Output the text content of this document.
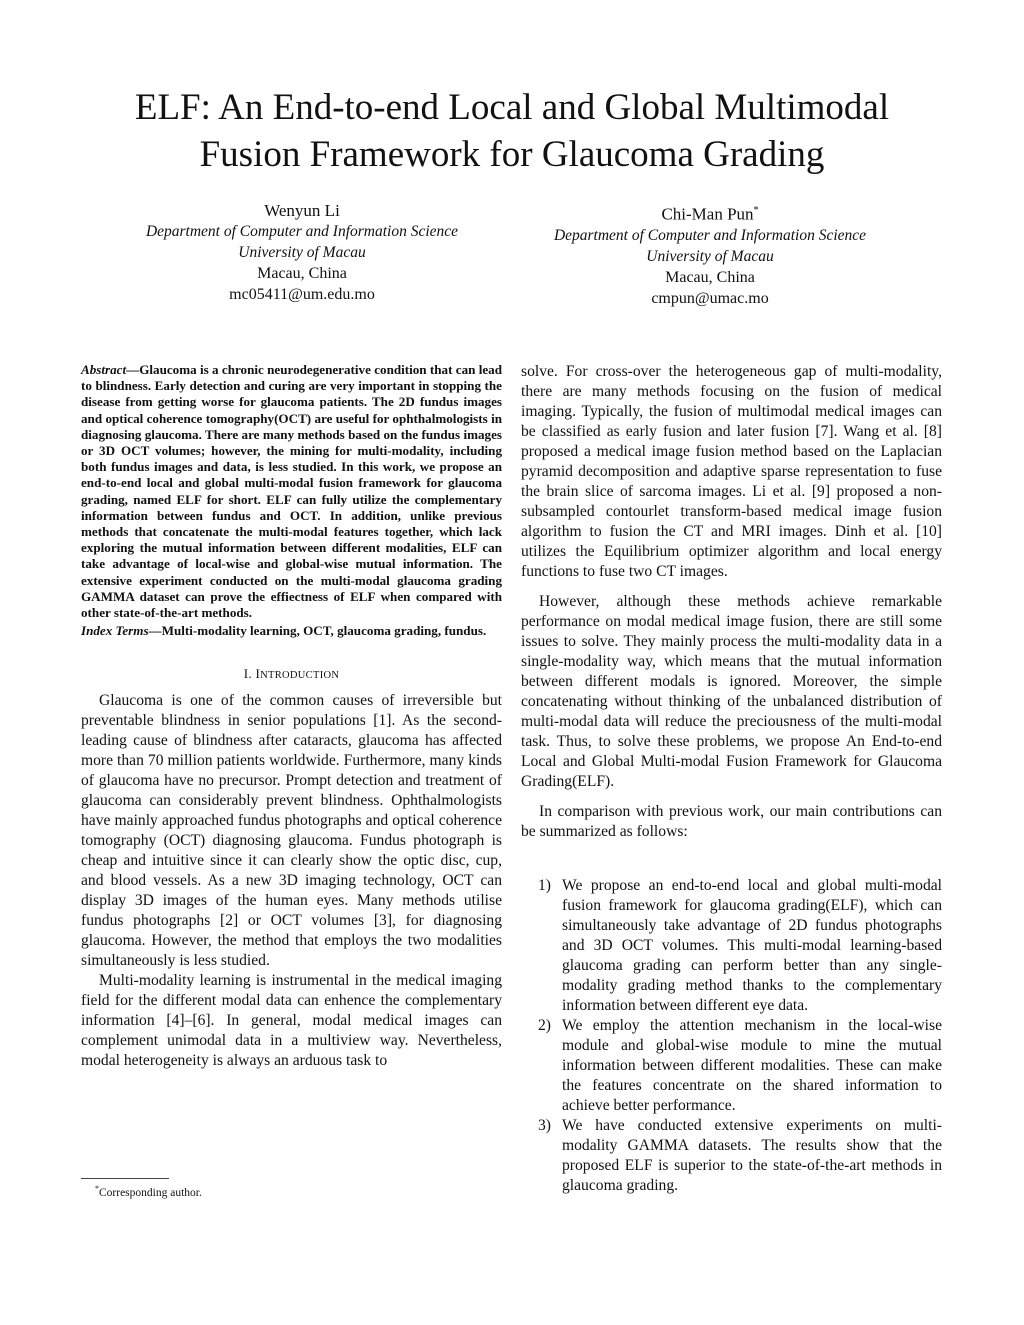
ELF: An End-to-end Local and Global Multimodal
Fusion Framework for Glaucoma Grading
Wenyun Li
Department of Computer and Information Science
University of Macau
Macau, China
mc05411@um.edu.mo
Chi-Man Pun*
Department of Computer and Information Science
University of Macau
Macau, China
cmpun@umac.mo
Abstract—Glaucoma is a chronic neurodegenerative condition that can lead to blindness. Early detection and curing are very important in stopping the disease from getting worse for glaucoma patients. The 2D fundus images and optical coherence tomography(OCT) are useful for ophthalmologists in diagnosing glaucoma. There are many methods based on the fundus images or 3D OCT volumes; however, the mining for multi-modality, including both fundus images and data, is less studied. In this work, we propose an end-to-end local and global multi-modal fusion framework for glaucoma grading, named ELF for short. ELF can fully utilize the complementary information between fundus and OCT. In addition, unlike previous methods that concatenate the multi-modal features together, which lack exploring the mutual information between different modalities, ELF can take advantage of local-wise and global-wise mutual information. The extensive experiment conducted on the multi-modal glaucoma grading GAMMA dataset can prove the effiectness of ELF when compared with other state-of-the-art methods.
Index Terms—Multi-modality learning, OCT, glaucoma grading, fundus.
I. INTRODUCTION

Glaucoma is one of the common causes of irreversible but preventable blindness in senior populations [1]. As the second-leading cause of blindness after cataracts, glaucoma has affected more than 70 million patients worldwide. Furthermore, many kinds of glaucoma have no precursor. Prompt detection and treatment of glaucoma can considerably prevent blindness. Ophthalmologists have mainly approached fundus photographs and optical coherence tomography (OCT) diagnosing glaucoma. Fundus photograph is cheap and intuitive since it can clearly show the optic disc, cup, and blood vessels. As a new 3D imaging technology, OCT can display 3D images of the human eyes. Many methods utilise fundus photographs [2] or OCT volumes [3], for diagnosing glaucoma. However, the method that employs the two modalities simultaneously is less studied.

Multi-modality learning is instrumental in the medical imaging field for the different modal data can enhence the complementary information [4]–[6]. In general, modal medical images can complement unimodal data in a multiview way. Nevertheless, modal heterogeneity is always an arduous task to

solve. For cross-over the heterogeneous gap of multi-modality, there are many methods focusing on the fusion of medical imaging. Typically, the fusion of multimodal medical images can be classified as early fusion and later fusion [7]. Wang et al. [8] proposed a medical image fusion method based on the Laplacian pyramid decomposition and adaptive sparse representation to fuse the brain slice of sarcoma images. Li et al. [9] proposed a non-subsampled contourlet transform-based medical image fusion algorithm to fusion the CT and MRI images. Dinh et al. [10] utilizes the Equilibrium optimizer algorithm and local energy functions to fuse two CT images.

However, although these methods achieve remarkable performance on modal medical image fusion, there are still some issues to solve. They mainly process the multi-modality data in a single-modality way, which means that the mutual information between different modals is ignored. Moreover, the simple concatenating without thinking of the unbalanced distribution of multi-modal data will reduce the preciousness of the multi-modal task. Thus, to solve these problems, we propose An End-to-end Local and Global Multi-modal Fusion Framework for Glaucoma Grading(ELF).

In comparison with previous work, our main contributions can be summarized as follows:

1) We propose an end-to-end local and global multi-modal fusion framework for glaucoma grading(ELF), which can simultaneously take advantage of 2D fundus photographs and 3D OCT volumes. This multi-modal learning-based glaucoma grading can perform better than any single-modality grading method thanks to the complementary information between different eye data.
2) We employ the attention mechanism in the local-wise module and global-wise module to mine the mutual information between different modalities. These can make the features concentrate on the shared information to achieve better performance.
3) We have conducted extensive experiments on multi-modality GAMMA datasets. The results show that the proposed ELF is superior to the state-of-the-art methods in glaucoma grading.
*Corresponding author.
